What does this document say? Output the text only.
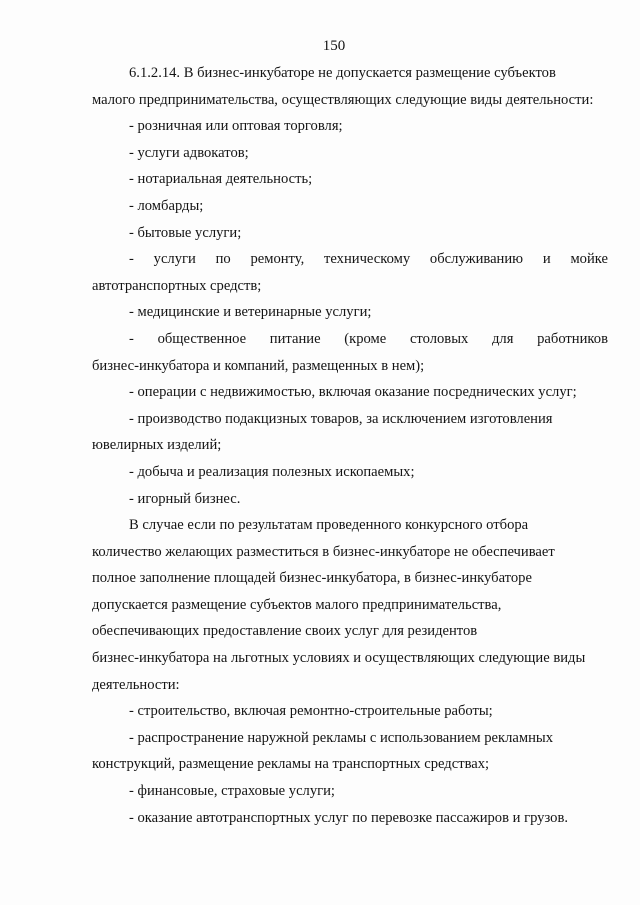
150

6.1.2.14. В бизнес-инкубаторе не допускается размещение субъектов

малого предпринимательства, осуществляющих следующие виды деятельности:

- розничная или оптовая торговля;

- услуги адвокатов;

- нотариальная деятельность;

- ломбарды;

- бытовые услуги;

- услуги по ремонту, техническому обслуживанию и мойке

автотранспортных средств;

- медицинские и ветеринарные услуги;

- общественное питание (кроме столовых для работников

бизнес-инкубатора и компаний, размещенных в нем);

- операции с недвижимостью, включая оказание посреднических услуг;

- производство подакцизных товаров, за исключением изготовления

ювелирных изделий;

- добыча и реализация полезных ископаемых;

- игорный бизнес.

В случае если по результатам проведенного конкурсного отбора

количество желающих разместиться в бизнес-инкубаторе не обеспечивает

полное заполнение площадей бизнес-инкубатора, в бизнес-инкубаторе

допускается размещение субъектов малого предпринимательства,

обеспечивающих предоставление своих услуг для резидентов

бизнес-инкубатора на льготных условиях и осуществляющих следующие виды

деятельности:

- строительство, включая ремонтно-строительные работы;

- распространение наружной рекламы с использованием рекламных

конструкций, размещение рекламы на транспортных средствах;

- финансовые, страховые услуги;

- оказание автотранспортных услуг по перевозке пассажиров и грузов.
